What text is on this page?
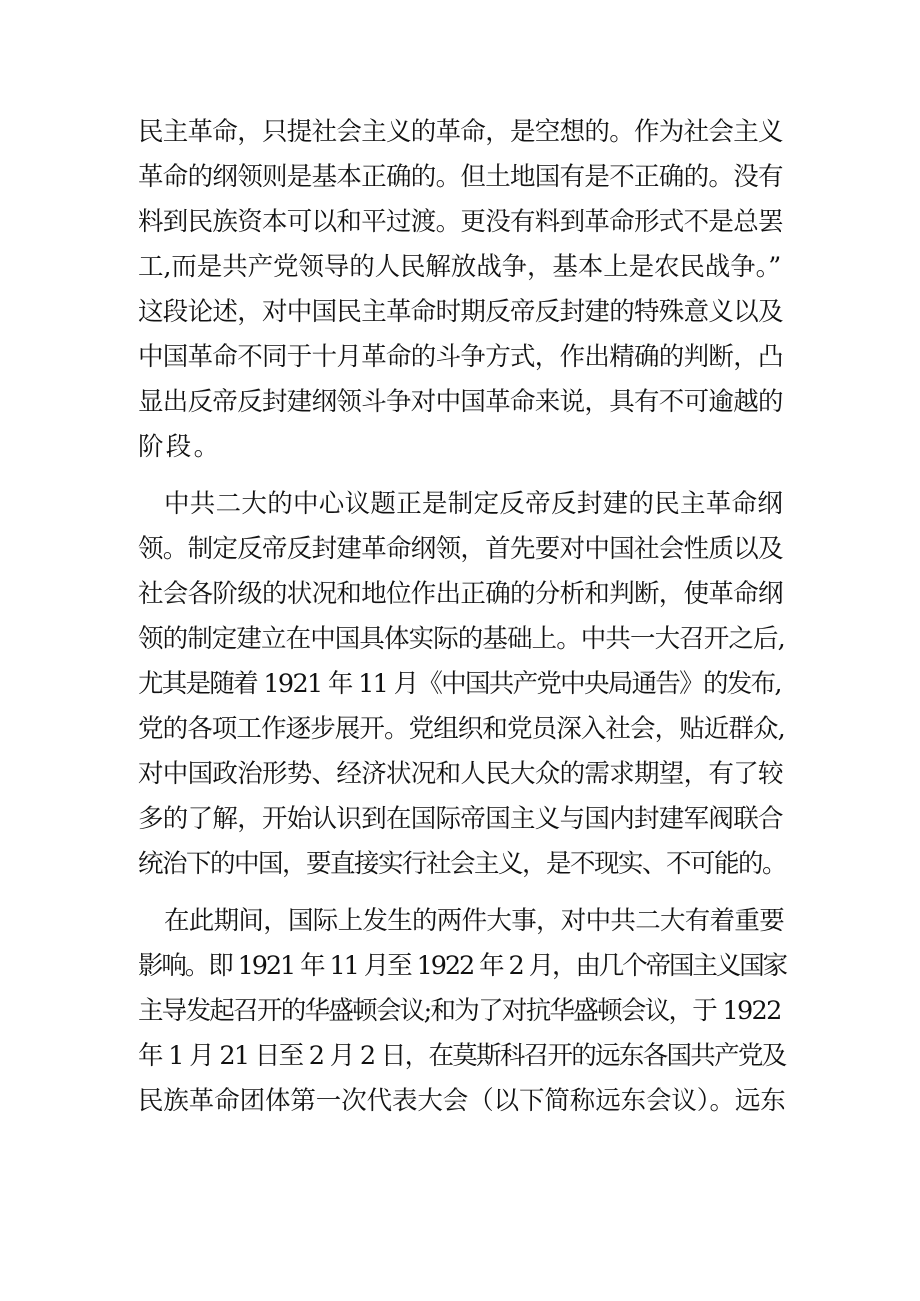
民主革命，只提社会主义的革命，是空想的。作为社会主义
革命的纲领则是基本正确的。但土地国有是不正确的。没有
料到民族资本可以和平过渡。更没有料到革命形式不是总罢
工,而是共产党领导的人民解放战争，基本上是农民战争。”
这段论述，对中国民主革命时期反帝反封建的特殊意义以及
中国革命不同于十月革命的斗争方式，作出精确的判断，凸
显出反帝反封建纲领斗争对中国革命来说，具有不可逾越的
阶段。

中共二大的中心议题正是制定反帝反封建的民主革命纲
领。制定反帝反封建革命纲领，首先要对中国社会性质以及
社会各阶级的状况和地位作出正确的分析和判断，使革命纲
领的制定建立在中国具体实际的基础上。中共一大召开之后,
尤其是随着 1921 年 11 月《中国共产党中央局通告》的发布,
党的各项工作逐步展开。党组织和党员深入社会，贴近群众,
对中国政治形势、经济状况和人民大众的需求期望，有了较
多的了解，开始认识到在国际帝国主义与国内封建军阀联合
统治下的中国，要直接实行社会主义，是不现实、不可能的。

在此期间，国际上发生的两件大事，对中共二大有着重要
影响。即 1921 年 11 月至 1922 年 2 月，由几个帝国主义国家
主导发起召开的华盛顿会议;和为了对抗华盛顿会议，于 1922
年 1 月 21 日至 2 月 2 日，在莫斯科召开的远东各国共产党及
民族革命团体第一次代表大会（以下简称远东会议）。远东
